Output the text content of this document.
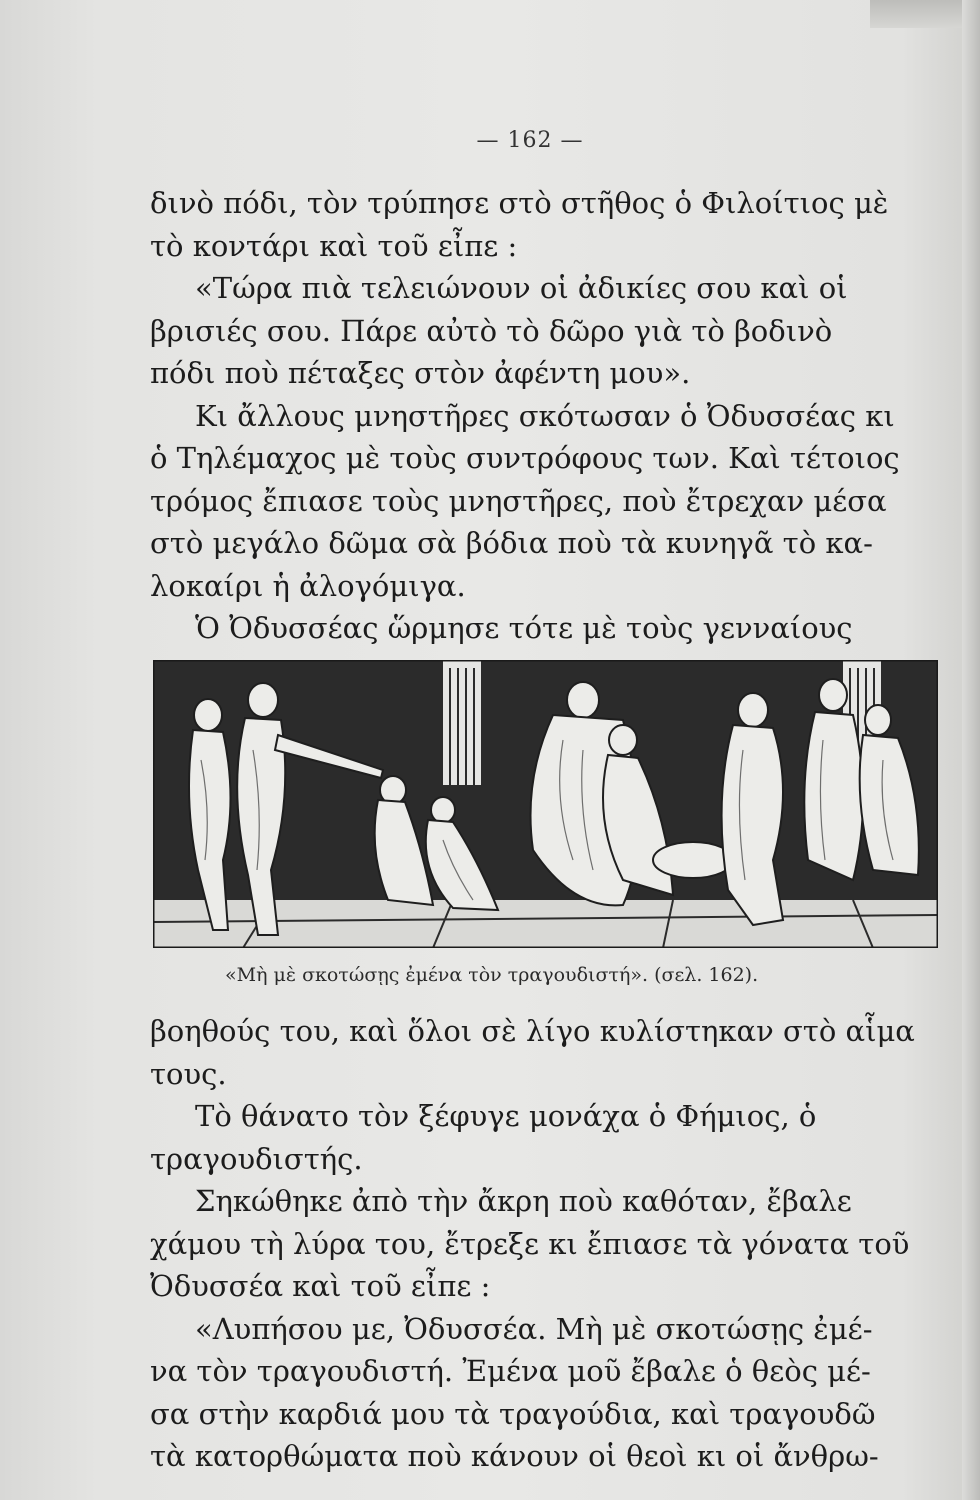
— 162 —
δινὸ πόδι, τὸν τρύπησε στὸ στῆθος ὁ Φιλοίτιος μὲ
τὸ κοντάρι καὶ τοῦ εἶπε :
«Τώρα πιὰ τελειώνουν οἱ ἀδικίες σου καὶ οἱ
βρισιές σου. Πάρε αὐτὸ τὸ δῶρο γιὰ τὸ βοδινὸ
πόδι ποὺ πέταξες στὸν ἀφέντη μου».
Κι ἄλλους μνηστῆρες σκότωσαν ὁ Ὀδυσσέας κι
ὁ Τηλέμαχος μὲ τοὺς συντρόφους των. Καὶ τέτοιος
τρόμος ἔπιασε τοὺς μνηστῆρες, ποὺ ἔτρεχαν μέσα
στὸ μεγάλο δῶμα σὰ βόδια ποὺ τὰ κυνηγᾶ τὸ κα-
λοκαίρι ἡ ἀλογόμιγα.
Ὁ Ὀδυσσέας ὥρμησε τότε μὲ τοὺς γενναίους
«Μὴ μὲ σκοτώσῃς ἐμένα τὸν τραγουδιστή». (σελ. 162).
βοηθούς του, καὶ ὅλοι σὲ λίγο κυλίστηκαν στὸ αἷμα
τους.
Τὸ θάνατο τὸν ξέφυγε μονάχα ὁ Φήμιος, ὁ
τραγουδιστής.
Σηκώθηκε ἀπὸ τὴν ἄκρη ποὺ καθόταν, ἔβαλε
χάμου τὴ λύρα του, ἔτρεξε κι ἔπιασε τὰ γόνατα τοῦ
Ὀδυσσέα καὶ τοῦ εἶπε :
«Λυπήσου με, Ὀδυσσέα. Μὴ μὲ σκοτώσῃς ἐμέ-
να τὸν τραγουδιστή. Ἐμένα μοῦ ἔβαλε ὁ θεὸς μέ-
σα στὴν καρδιά μου τὰ τραγούδια, καὶ τραγουδῶ
τὰ κατορθώματα ποὺ κάνουν οἱ θεοὶ κι οἱ ἄνθρω-
